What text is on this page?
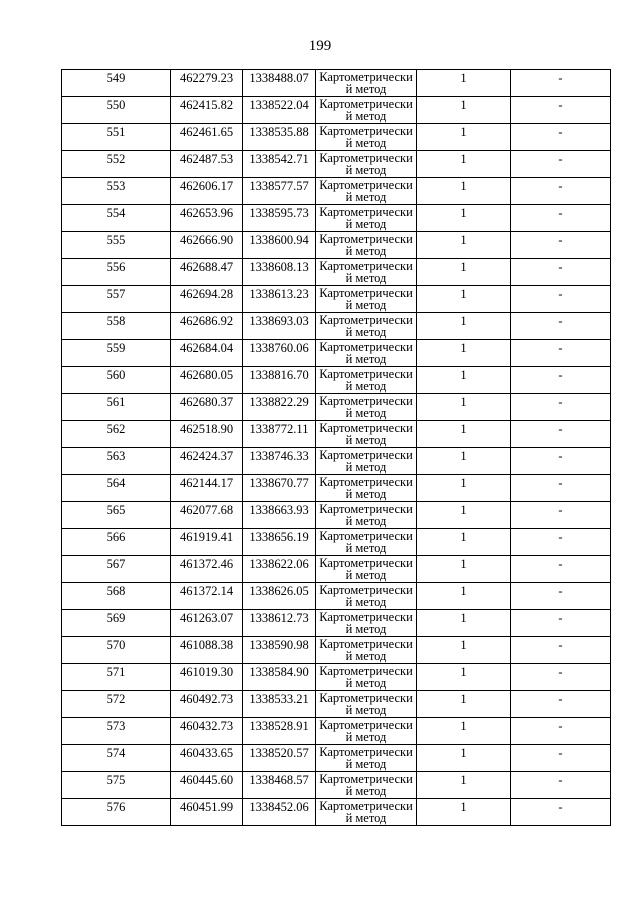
199
549	462279.23	1338488.07	Картометрический метод	1	-

550	462415.82	1338522.04	Картометрический метод	1	-

551	462461.65	1338535.88	Картометрический метод	1	-

552	462487.53	1338542.71	Картометрический метод	1	-

553	462606.17	1338577.57	Картометрический метод	1	-

554	462653.96	1338595.73	Картометрический метод	1	-

555	462666.90	1338600.94	Картометрический метод	1	-

556	462688.47	1338608.13	Картометрический метод	1	-

557	462694.28	1338613.23	Картометрический метод	1	-

558	462686.92	1338693.03	Картометрический метод	1	-

559	462684.04	1338760.06	Картометрический метод	1	-

560	462680.05	1338816.70	Картометрический метод	1	-

561	462680.37	1338822.29	Картометрический метод	1	-

562	462518.90	1338772.11	Картометрический метод	1	-

563	462424.37	1338746.33	Картометрический метод	1	-

564	462144.17	1338670.77	Картометрический метод	1	-

565	462077.68	1338663.93	Картометрический метод	1	-

566	461919.41	1338656.19	Картометрический метод	1	-

567	461372.46	1338622.06	Картометрический метод	1	-

568	461372.14	1338626.05	Картометрический метод	1	-

569	461263.07	1338612.73	Картометрический метод	1	-

570	461088.38	1338590.98	Картометрический метод	1	-

571	461019.30	1338584.90	Картометрический метод	1	-

572	460492.73	1338533.21	Картометрический метод	1	-

573	460432.73	1338528.91	Картометрический метод	1	-

574	460433.65	1338520.57	Картометрический метод	1	-

575	460445.60	1338468.57	Картометрический метод	1	-

576	460451.99	1338452.06	Картометрический метод	1	-
